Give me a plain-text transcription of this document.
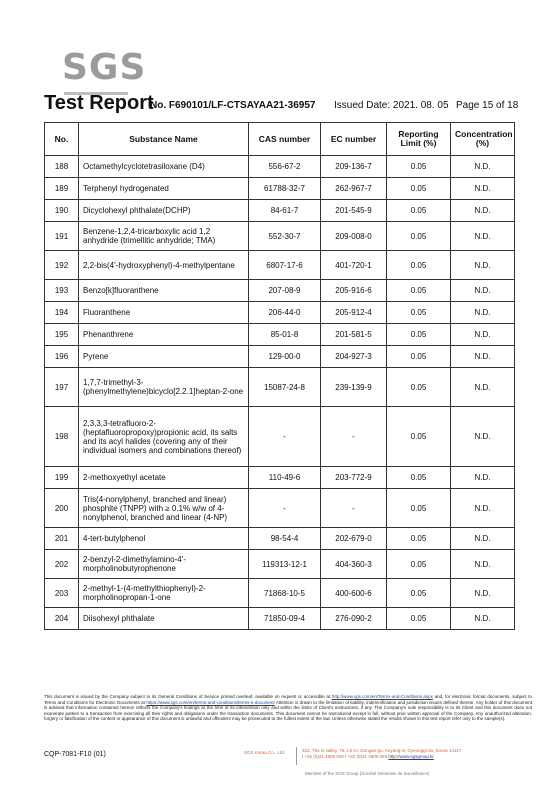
SGS
Test Report
No. F690101/LF-CTSAYAA21-36957 Issued Date: 2021. 08. 05 Page 15 of 18
No.	Substance Name	CAS number	EC number	Reporting Limit (%)	Concentration (%)
188	Octamethylcyclotetrasiloxane (D4)	556-67-2	209-136-7	0.05	N.D.
189	Terphenyl hydrogenated	61788-32-7	262-967-7	0.05	N.D.
190	Dicyclohexyl phthalate(DCHP)	84-61-7	201-545-9	0.05	N.D.
191	Benzene-1,2,4-tricarboxylic acid 1,2 anhydride (trimellitic anhydride; TMA)	552-30-7	209-008-0	0.05	N.D.
192	2,2-bis(4'-hydroxyphenyl)-4-methylpentane	6807-17-6	401-720-1	0.05	N.D.
193	Benzo[k]fluoranthene	207-08-9	205-916-6	0.05	N.D.
194	Fluoranthene	206-44-0	205-912-4	0.05	N.D.
195	Phenanthrene	85-01-8	201-581-5	0.05	N.D.
196	Pyrene	129-00-0	204-927-3	0.05	N.D.
197	1,7,7-trimethyl-3-(phenylmethylene)bicyclo[2.2.1]heptan-2-one	15087-24-8	239-139-9	0.05	N.D.
198	2,3,3,3-tetrafluoro-2-(heptafluoropropoxy)propionic acid, its salts and its acyl halides (covering any of their individual isomers and combinations thereof)	-	-	0.05	N.D.
199	2-methoxyethyl acetate	110-49-6	203-772-9	0.05	N.D.
200	Tris(4-nonylphenyl, branched and linear) phosphite (TNPP) with ≥ 0.1% w/w of 4-nonylphenol, branched and linear (4-NP)	-	-	0.05	N.D.
201	4-tert-butylphenol	98-54-4	202-679-0	0.05	N.D.
202	2-benzyl-2-dimethylamino-4'-morpholinobutyrophenone	119313-12-1	404-360-3	0.05	N.D.
203	2-methyl-1-(4-methylthiophenyl)-2-morpholinopropan-1-one	71868-10-5	400-600-6	0.05	N.D.
204	Diisohexyl phthalate	71850-09-4	276-090-2	0.05	N.D.
This document is issued by the Company subject to its General Conditions of Service printed overleaf, available on request or accessible at http://www.sgs.com/en/Terms-and-Conditions.aspx and, for electronic format documents, subject to Terms and Conditions for Electronic Documents at https://www.sgs.com/en/terms-and-conditions/terms-e-document Attention is drawn to the limitation of liability, indemnification and jurisdiction issues defined therein. Any holder of this document is advised that information contained hereon reflects the Company's findings at the time of its intervention only and within the limits of Client's instructions, if any. The Company's sole responsibility is to its Client and this document does not exonerate parties to a transaction from exercising all their rights and obligations under the transaction documents. This document cannot be reproduced except in full, without prior written approval of the Company. Any unauthorized alteration, forgery or falsification of the content or appearance of this document is unlawful and offenders may be prosecuted to the fullest extent of the law. Unless otherwise stated the results shown in this test report refer only to the sample(s).
CQP-7081-F10 (01)	SGS Korea Co., Ltd.	322, The O valley, 76, LS-ro, Dongan-gu, Anyang-si, Gyeonggi-do, Korea 14117
t +82 (0)31 4600 000 f +82 (0)31 4600 059 http://www.sgsgroup.kr
Member of the SGS Group (Société Générale de Surveillance)
